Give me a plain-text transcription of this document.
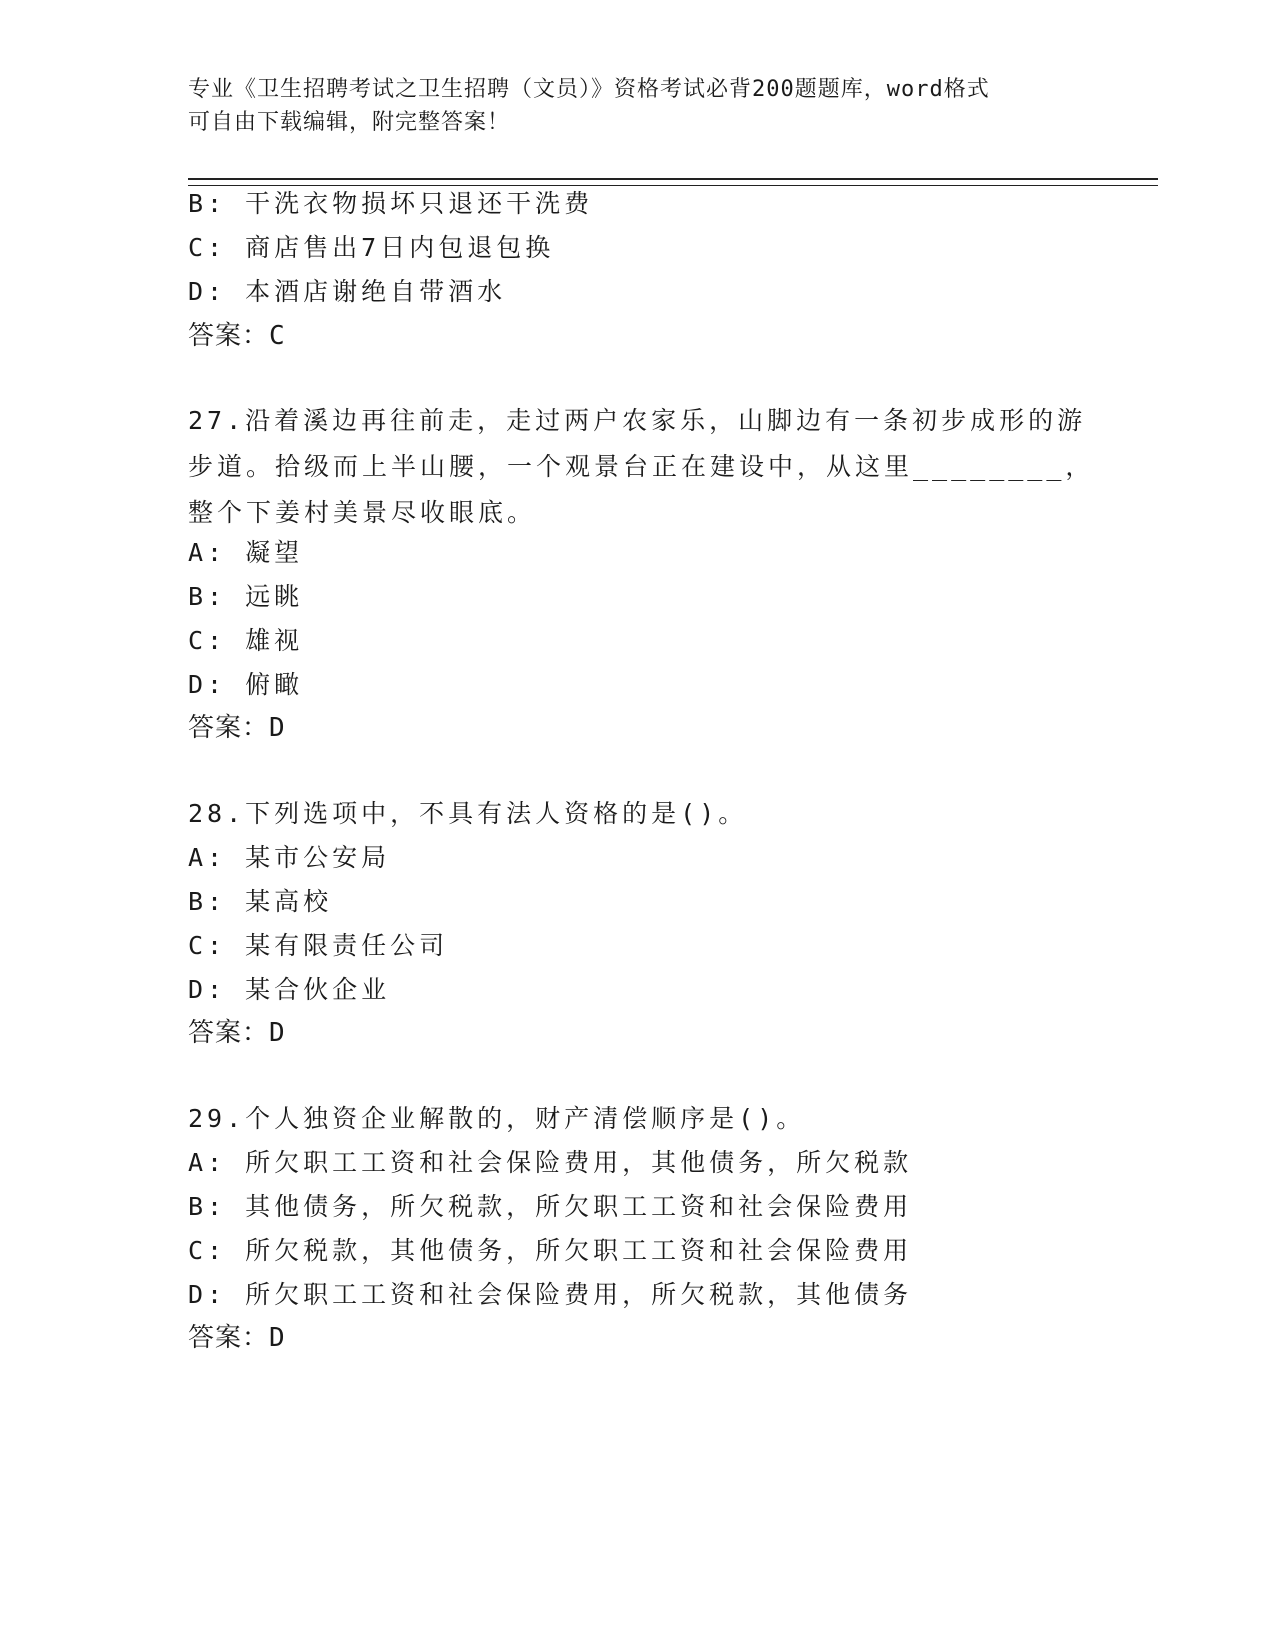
专业《卫生招聘考试之卫生招聘（文员）》资格考试必背200题题库，word格式
可自由下载编辑，附完整答案！
B: 干洗衣物损坏只退还干洗费
C: 商店售出7日内包退包换
D: 本酒店谢绝自带酒水
答案：C
27.沿着溪边再往前走，走过两户农家乐，山脚边有一条初步成形的游
步道。拾级而上半山腰，一个观景台正在建设中，从这里________，
整个下姜村美景尽收眼底。
A: 凝望
B: 远眺
C: 雄视
D: 俯瞰
答案：D
28.下列选项中，不具有法人资格的是()。
A: 某市公安局
B: 某高校
C: 某有限责任公司
D: 某合伙企业
答案：D
29.个人独资企业解散的，财产清偿顺序是()。
A: 所欠职工工资和社会保险费用，其他债务，所欠税款
B: 其他债务，所欠税款，所欠职工工资和社会保险费用
C: 所欠税款，其他债务，所欠职工工资和社会保险费用
D: 所欠职工工资和社会保险费用，所欠税款，其他债务
答案：D
